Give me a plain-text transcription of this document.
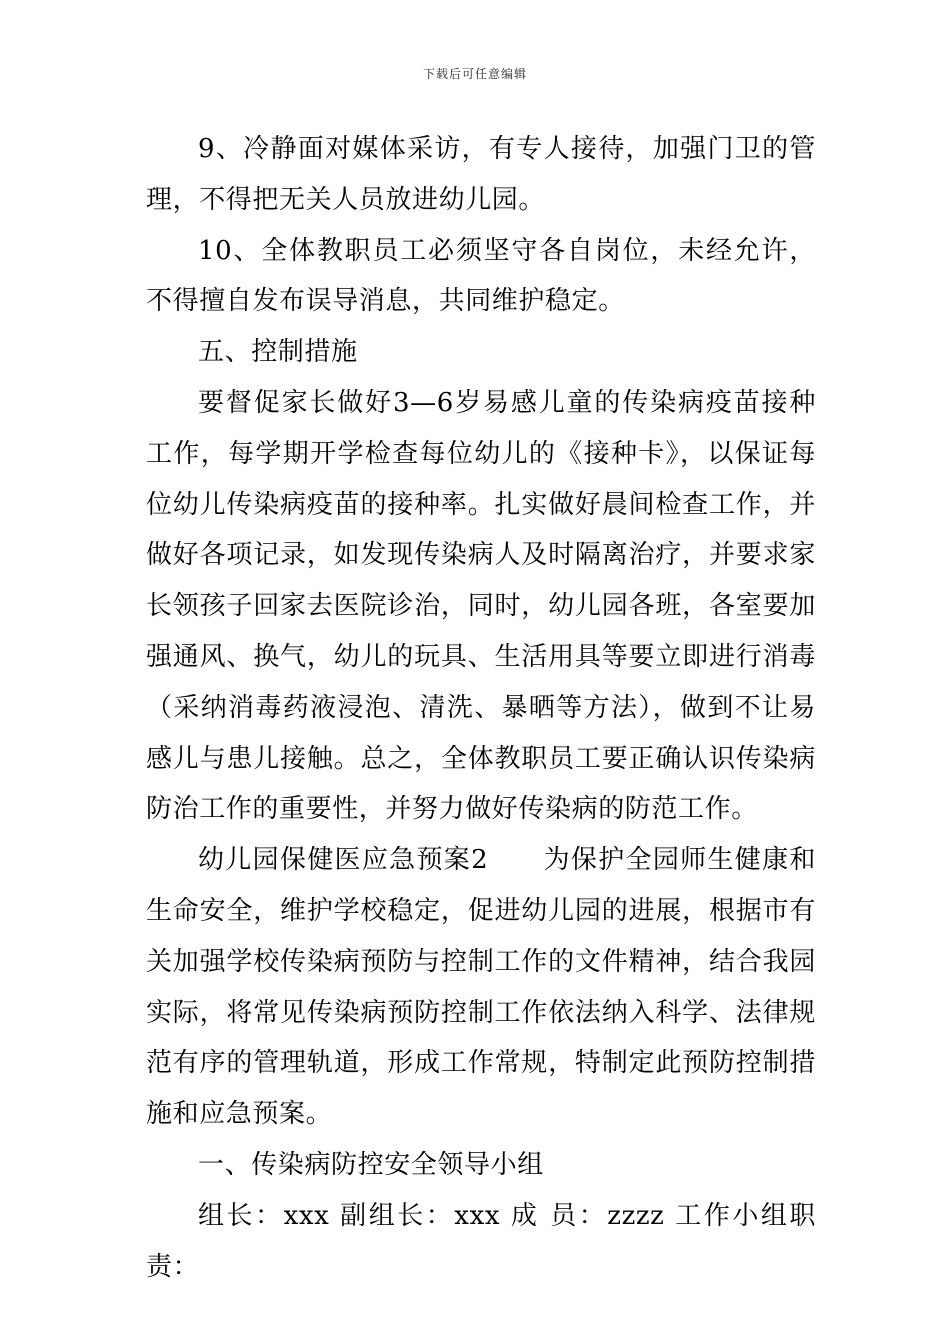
下载后可任意编辑

9、冷静面对媒体采访，有专人接待，加强门卫的管理，不得把无关人员放进幼儿园。

10、全体教职员工必须坚守各自岗位，未经允许，不得擅自发布误导消息，共同维护稳定。

五、控制措施

要督促家长做好3—6岁易感儿童的传染病疫苗接种工作，每学期开学检查每位幼儿的《接种卡》，以保证每位幼儿传染病疫苗的接种率。扎实做好晨间检查工作，并做好各项记录，如发现传染病人及时隔离治疗，并要求家长领孩子回家去医院诊治，同时，幼儿园各班，各室要加强通风、换气，幼儿的玩具、生活用具等要立即进行消毒（采纳消毒药液浸泡、清洗、暴晒等方法），做到不让易感儿与患儿接触。总之，全体教职员工要正确认识传染病防治工作的重要性，并努力做好传染病的防范工作。

幼儿园保健医应急预案2　　为保护全园师生健康和生命安全，维护学校稳定，促进幼儿园的进展，根据市有关加强学校传染病预防与控制工作的文件精神，结合我园实际，将常见传染病预防控制工作依法纳入科学、法律规范有序的管理轨道，形成工作常规，特制定此预防控制措施和应急预案。

一、传染病防控安全领导小组

组长：xxx 副组长：xxx 成 员：zzzz 工作小组职责：
